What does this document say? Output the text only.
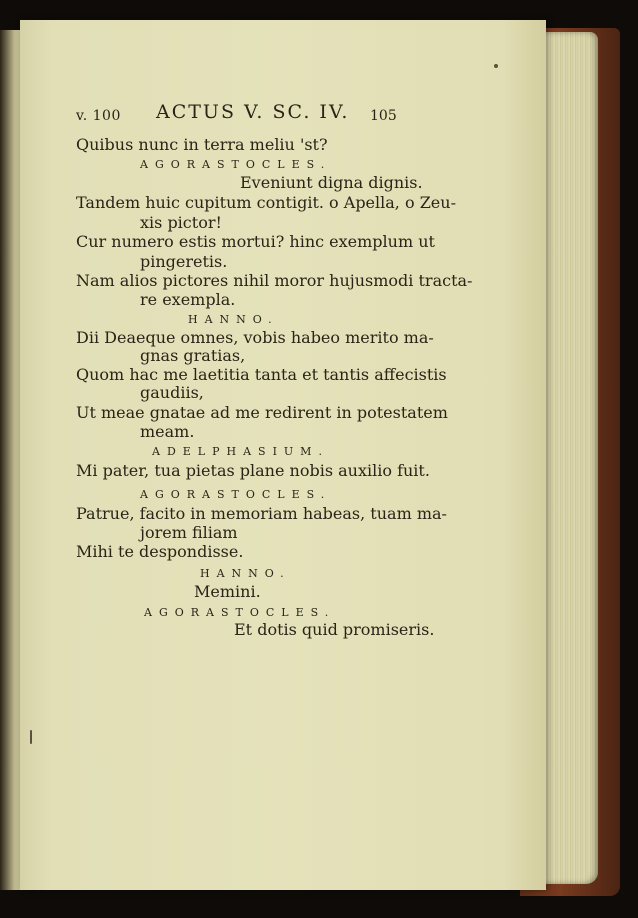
v. 100 ACTUS V. SC. IV. 105
Quibus nunc in terra meliu 'st?
AGORASTOCLES.
Eveniunt digna dignis.
Tandem huic cupitum contigit. o Apella, o Zeu-
xis pictor!
Cur numero estis mortui? hinc exemplum ut
pingeretis.
Nam alios pictores nihil moror hujusmodi tracta-
re exempla.
HANNO.
Dii Deaeque omnes, vobis habeo merito ma-
gnas gratias,
Quom hac me laetitia tanta et tantis affecistis
gaudiis,
Ut meae gnatae ad me redirent in potestatem
meam.
ADELPHASIUM.
Mi pater, tua pietas plane nobis auxilio fuit.
AGORASTOCLES.
Patrue, facito in memoriam habeas, tuam ma-
jorem filiam
Mihi te despondisse.
HANNO.
Memini.
AGORASTOCLES.
Et dotis quid promiseris.
